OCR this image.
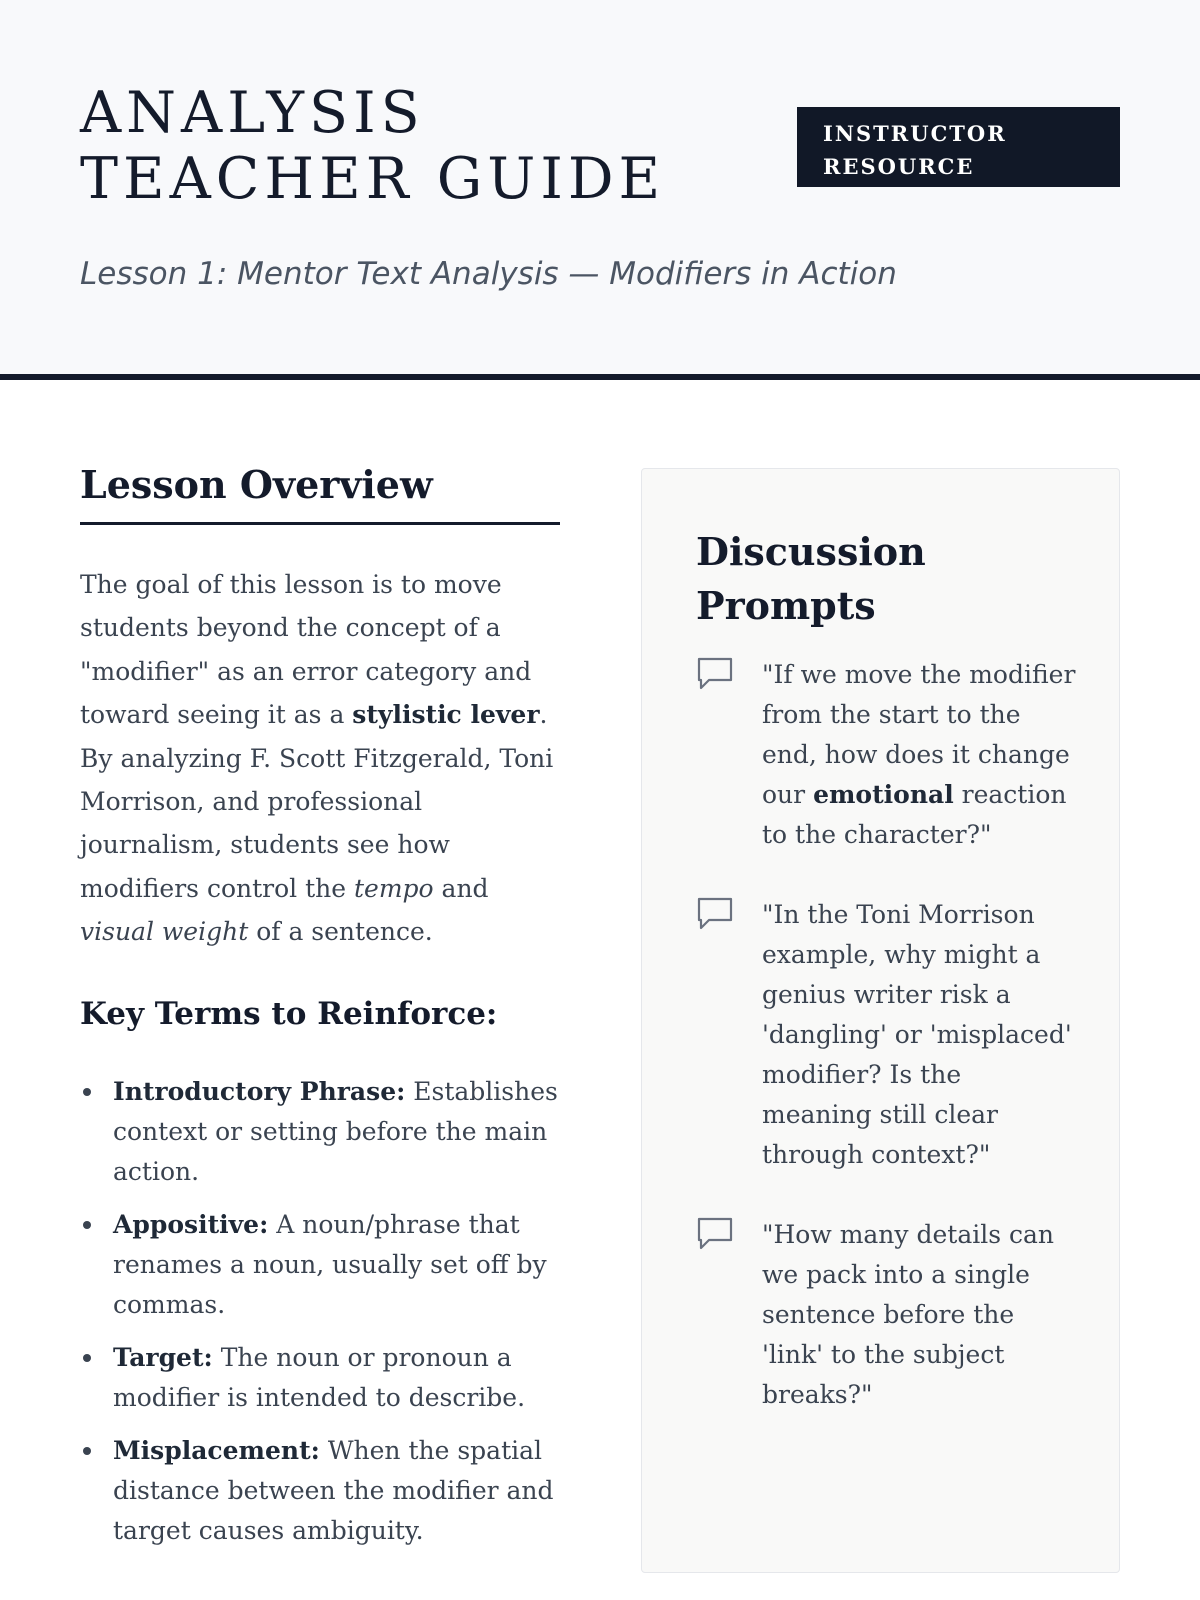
ANALYSIS TEACHER GUIDE
INSTRUCTOR RESOURCE

Lesson 1: Mentor Text Analysis — Modifiers in Action

Lesson Overview

The goal of this lesson is to move students beyond the concept of a "modifier" as an error category and toward seeing it as a stylistic lever. By analyzing F. Scott Fitzgerald, Toni Morrison, and professional journalism, students see how modifiers control the tempo and visual weight of a sentence.

Key Terms to Reinforce:
Introductory Phrase: Establishes context or setting before the main action.
Appositive: A noun/phrase that renames a noun, usually set off by commas.
Target: The noun or pronoun a modifier is intended to describe.
Misplacement: When the spatial distance between the modifier and target causes ambiguity.
Discussion Prompts
"If we move the modifier from the start to the end, how does it change our emotional reaction to the character?"
"In the Toni Morrison example, why might a genius writer risk a 'dangling' or 'misplaced' modifier? Is the meaning still clear through context?"
"How many details can we pack into a single sentence before the 'link' to the subject breaks?"
